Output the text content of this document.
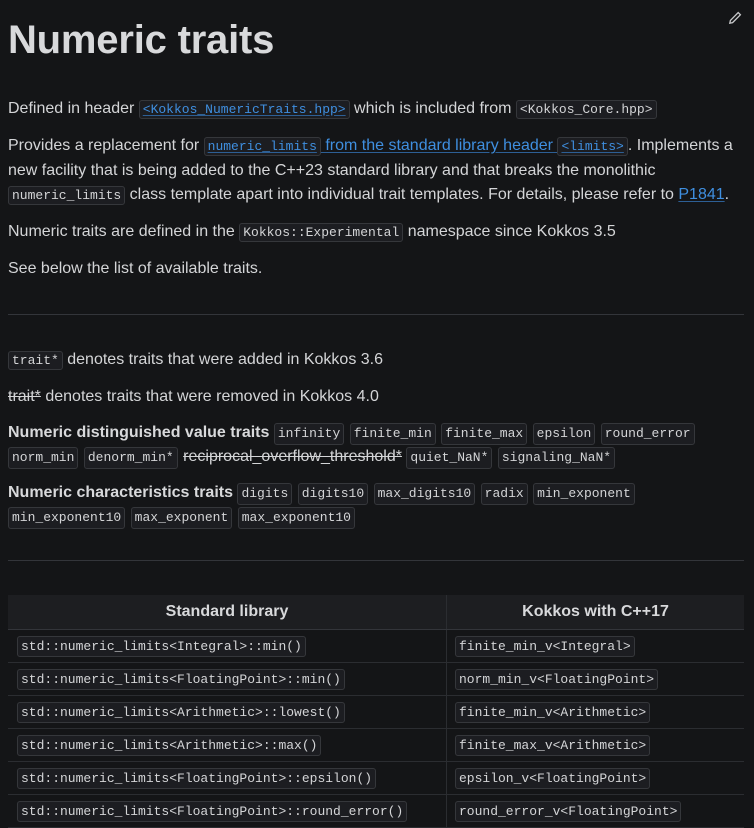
Numeric traits

Defined in header <Kokkos_NumericTraits.hpp> which is included from <Kokkos_Core.hpp>

Provides a replacement for numeric_limits from the standard library header <limits> . Implements a new facility that is being added to the C++23 standard library and that breaks the monolithic numeric_limits class template apart into individual trait templates. For details, please refer to P1841.

Numeric traits are defined in the Kokkos::Experimental namespace since Kokkos 3.5

See below the list of available traits.

trait* denotes traits that were added in Kokkos 3.6

trait* denotes traits that were removed in Kokkos 4.0

Numeric distinguished value traits infinity finite_min finite_max epsilon round_error norm_min denorm_min* reciprocal_overflow_threshold* quiet_NaN* signaling_NaN*
Numeric characteristics traits digits digits10 max_digits10 radix min_exponent min_exponent10 max_exponent max_exponent10
Standard library	Kokkos with C++17
std::numeric_limits<Integral>::min()	finite_min_v<Integral>
std::numeric_limits<FloatingPoint>::min()	norm_min_v<FloatingPoint>
std::numeric_limits<Arithmetic>::lowest()	finite_min_v<Arithmetic>
std::numeric_limits<Arithmetic>::max()	finite_max_v<Arithmetic>
std::numeric_limits<FloatingPoint>::epsilon()	epsilon_v<FloatingPoint>
std::numeric_limits<FloatingPoint>::round_error()	round_error_v<FloatingPoint>
